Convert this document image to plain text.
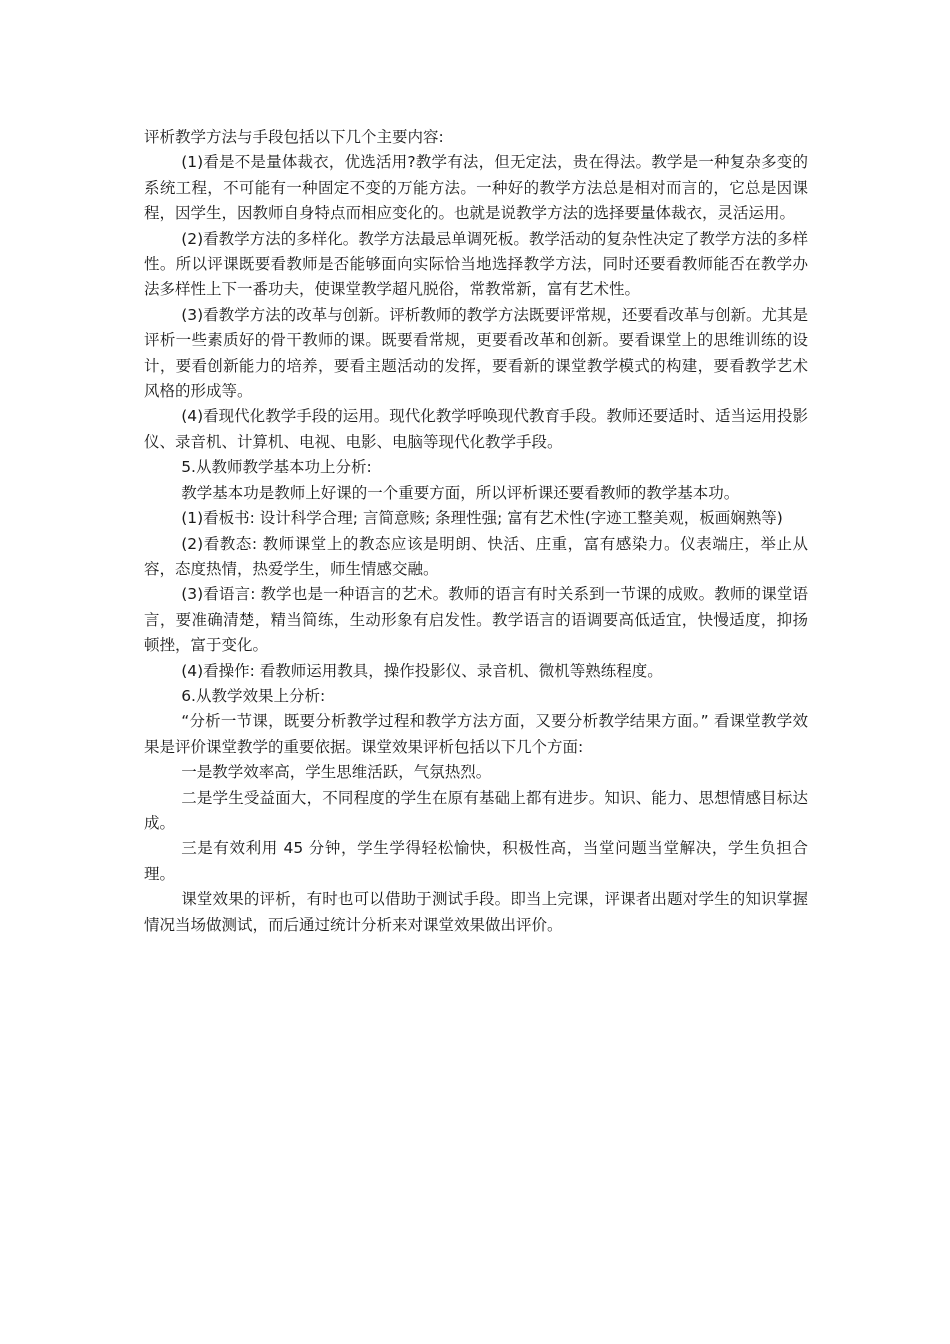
评析教学方法与手段包括以下几个主要内容:

(1)看是不是量体裁衣，优选活用?教学有法，但无定法，贵在得法。教学是一种复杂多变的系统工程，不可能有一种固定不变的万能方法。一种好的教学方法总是相对而言的，它总是因课程，因学生，因教师自身特点而相应变化的。也就是说教学方法的选择要量体裁衣，灵活运用。

(2)看教学方法的多样化。教学方法最忌单调死板。教学活动的复杂性决定了教学方法的多样性。所以评课既要看教师是否能够面向实际恰当地选择教学方法，同时还要看教师能否在教学办法多样性上下一番功夫，使课堂教学超凡脱俗，常教常新，富有艺术性。

(3)看教学方法的改革与创新。评析教师的教学方法既要评常规，还要看改革与创新。尤其是评析一些素质好的骨干教师的课。既要看常规，更要看改革和创新。要看课堂上的思维训练的设计，要看创新能力的培养，要看主题活动的发挥，要看新的课堂教学模式的构建，要看教学艺术风格的形成等。

(4)看现代化教学手段的运用。现代化教学呼唤现代教育手段。教师还要适时、适当运用投影仪、录音机、计算机、电视、电影、电脑等现代化教学手段。

5.从教师教学基本功上分析:

教学基本功是教师上好课的一个重要方面，所以评析课还要看教师的教学基本功。

(1)看板书: 设计科学合理; 言简意赅; 条理性强; 富有艺术性(字迹工整美观，板画娴熟等)

(2)看教态: 教师课堂上的教态应该是明朗、快活、庄重，富有感染力。仪表端庄，举止从容，态度热情，热爱学生，师生情感交融。

(3)看语言: 教学也是一种语言的艺术。教师的语言有时关系到一节课的成败。教师的课堂语言，要准确清楚，精当简练，生动形象有启发性。教学语言的语调要高低适宜，快慢适度，抑扬顿挫，富于变化。

(4)看操作: 看教师运用教具，操作投影仪、录音机、微机等熟练程度。

6.从教学效果上分析:

“分析一节课，既要分析教学过程和教学方法方面，又要分析教学结果方面。” 看课堂教学效果是评价课堂教学的重要依据。课堂效果评析包括以下几个方面:

一是教学效率高，学生思维活跃，气氛热烈。

二是学生受益面大，不同程度的学生在原有基础上都有进步。知识、能力、思想情感目标达成。

三是有效利用 45 分钟，学生学得轻松愉快，积极性高，当堂问题当堂解决，学生负担合理。

课堂效果的评析，有时也可以借助于测试手段。即当上完课，评课者出题对学生的知识掌握情况当场做测试，而后通过统计分析来对课堂效果做出评价。
